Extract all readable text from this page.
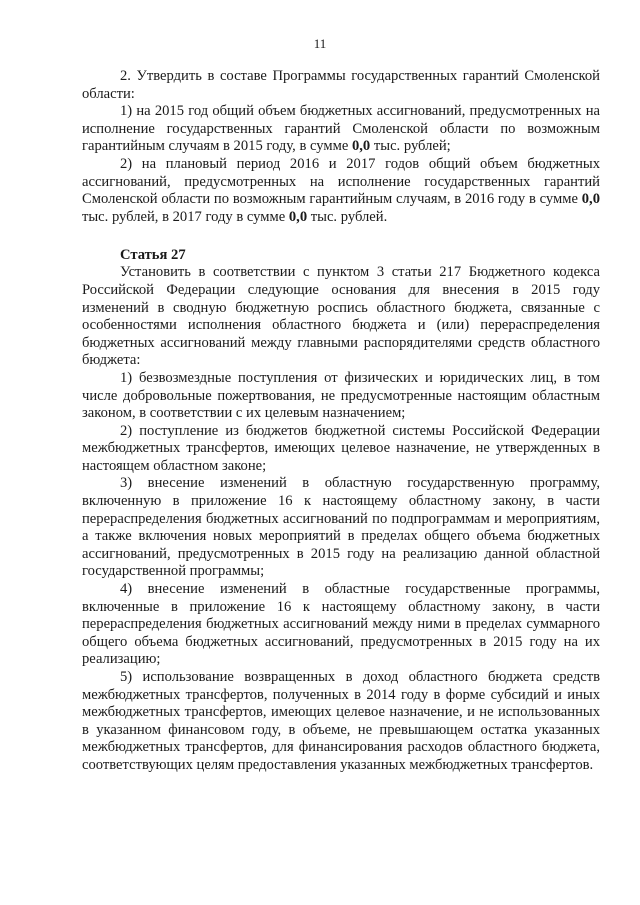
11

2. Утвердить в составе Программы государственных гарантий Смоленской области:

1) на 2015 год общий объем бюджетных ассигнований, предусмотренных на исполнение государственных гарантий Смоленской области по возможным гарантийным случаям в 2015 году, в сумме 0,0 тыс. рублей;

2) на плановый период 2016 и 2017 годов общий объем бюджетных ассигнований, предусмотренных на исполнение государственных гарантий Смоленской области по возможным гарантийным случаям, в 2016 году в сумме 0,0 тыс. рублей, в 2017 году в сумме 0,0 тыс. рублей.

Статья 27

Установить в соответствии с пунктом 3 статьи 217 Бюджетного кодекса Российской Федерации следующие основания для внесения в 2015 году изменений в сводную бюджетную роспись областного бюджета, связанные с особенностями исполнения областного бюджета и (или) перераспределения бюджетных ассигнований между главными распорядителями средств областного бюджета:

1) безвозмездные поступления от физических и юридических лиц, в том числе добровольные пожертвования, не предусмотренные настоящим областным законом, в соответствии с их целевым назначением;

2) поступление из бюджетов бюджетной системы Российской Федерации межбюджетных трансфертов, имеющих целевое назначение, не утвержденных в настоящем областном законе;

3) внесение изменений в областную государственную программу, включенную в приложение 16 к настоящему областному закону, в части перераспределения бюджетных ассигнований по подпрограммам и мероприятиям, а также включения новых мероприятий в пределах общего объема бюджетных ассигнований, предусмотренных в 2015 году на реализацию данной областной государственной программы;

4) внесение изменений в областные государственные программы, включенные в приложение 16 к настоящему областному закону, в части перераспределения бюджетных ассигнований между ними в пределах суммарного общего объема бюджетных ассигнований, предусмотренных в 2015 году на их реализацию;

5) использование возвращенных в доход областного бюджета средств межбюджетных трансфертов, полученных в 2014 году в форме субсидий и иных межбюджетных трансфертов, имеющих целевое назначение, и не использованных в указанном финансовом году, в объеме, не превышающем остатка указанных межбюджетных трансфертов, для финансирования расходов областного бюджета, соответствующих целям предоставления указанных межбюджетных трансфертов.
